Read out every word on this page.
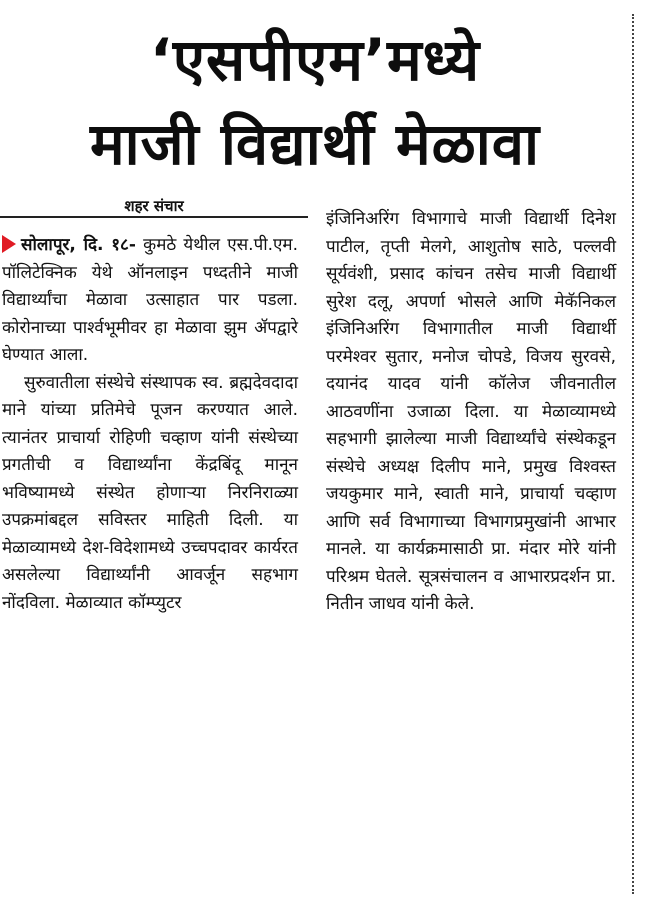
‘एसपीएम’मध्ये
माजी विद्यार्थी मेळावा
शहर संचार

सोलापूर, दि. १८- कुमठे येथील एस.पी.एम. पॉलिटेक्निक येथे ऑनलाइन पध्दतीने माजी विद्यार्थ्यांचा मेळावा उत्साहात पार पडला. कोरोनाच्या पार्श्वभूमीवर हा मेळावा झुम ॲपद्वारे घेण्यात आला.

सुरुवातीला संस्थेचे संस्थापक स्व. ब्रह्मदेवदादा माने यांच्या प्रतिमेचे पूजन करण्यात आले. त्यानंतर प्राचार्या रोहिणी चव्हाण यांनी संस्थेच्या प्रगतीची व विद्यार्थ्यांना केंद्रबिंदू मानून भविष्यामध्ये संस्थेत होणाऱ्या निरनिराळ्या उपक्रमांबद्दल सविस्तर माहिती दिली. या मेळाव्यामध्ये देश-विदेशामध्ये उच्चपदावर कार्यरत असलेल्या विद्यार्थ्यांनी आवर्जून सहभाग नोंदविला. मेळाव्यात कॉम्प्युटर

इंजिनिअरिंग विभागाचे माजी विद्यार्थी दिनेश पाटील, तृप्ती मेलगे, आशुतोष साठे, पल्लवी सूर्यवंशी, प्रसाद कांचन तसेच माजी विद्यार्थी सुरेश दलू, अपर्णा भोसले आणि मेकॅनिकल इंजिनिअरिंग विभागातील माजी विद्यार्थी परमेश्वर सुतार, मनोज चोपडे, विजय सुरवसे, दयानंद यादव यांनी कॉलेज जीवनातील आठवणींना उजाळा दिला. या मेळाव्यामध्ये सहभागी झालेल्या माजी विद्यार्थ्यांचे संस्थेकडून संस्थेचे अध्यक्ष दिलीप माने, प्रमुख विश्वस्त जयकुमार माने, स्वाती माने, प्राचार्या चव्हाण आणि सर्व विभागाच्या विभागप्रमुखांनी आभार मानले. या कार्यक्रमासाठी प्रा. मंदार मोरे यांनी परिश्रम घेतले. सूत्रसंचालन व आभारप्रदर्शन प्रा. नितीन जाधव यांनी केले.
